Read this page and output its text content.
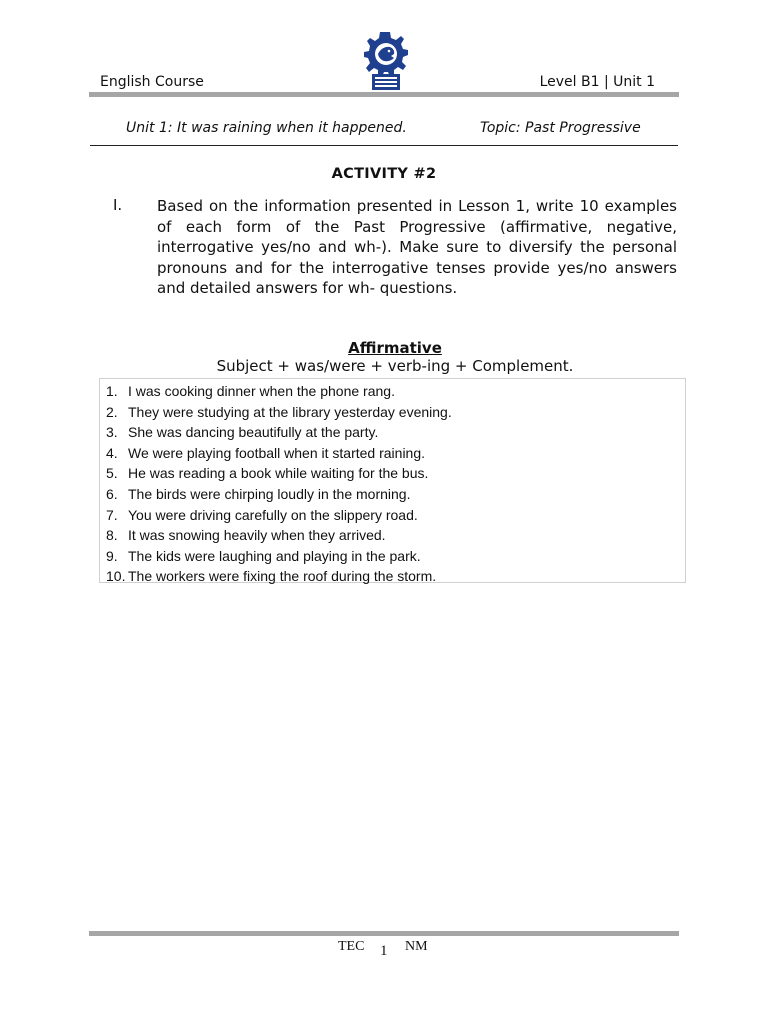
English Course	Level B1 | Unit 1
Unit 1: It was raining when it happened.	Topic: Past Progressive
ACTIVITY #2
I. Based on the information presented in Lesson 1, write 10 examples of each form of the Past Progressive (affirmative, negative, interrogative yes/no and wh-). Make sure to diversify the personal pronouns and for the interrogative tenses provide yes/no answers and detailed answers for wh- questions.
Affirmative
Subject + was/were + verb-ing + Complement.
1. I was cooking dinner when the phone rang.
2. They were studying at the library yesterday evening.
3. She was dancing beautifully at the party.
4. We were playing football when it started raining.
5. He was reading a book while waiting for the bus.
6. The birds were chirping loudly in the morning.
7. You were driving carefully on the slippery road.
8. It was snowing heavily when they arrived.
9. The kids were laughing and playing in the park.
10. The workers were fixing the roof during the storm.
TEC 1 NM
